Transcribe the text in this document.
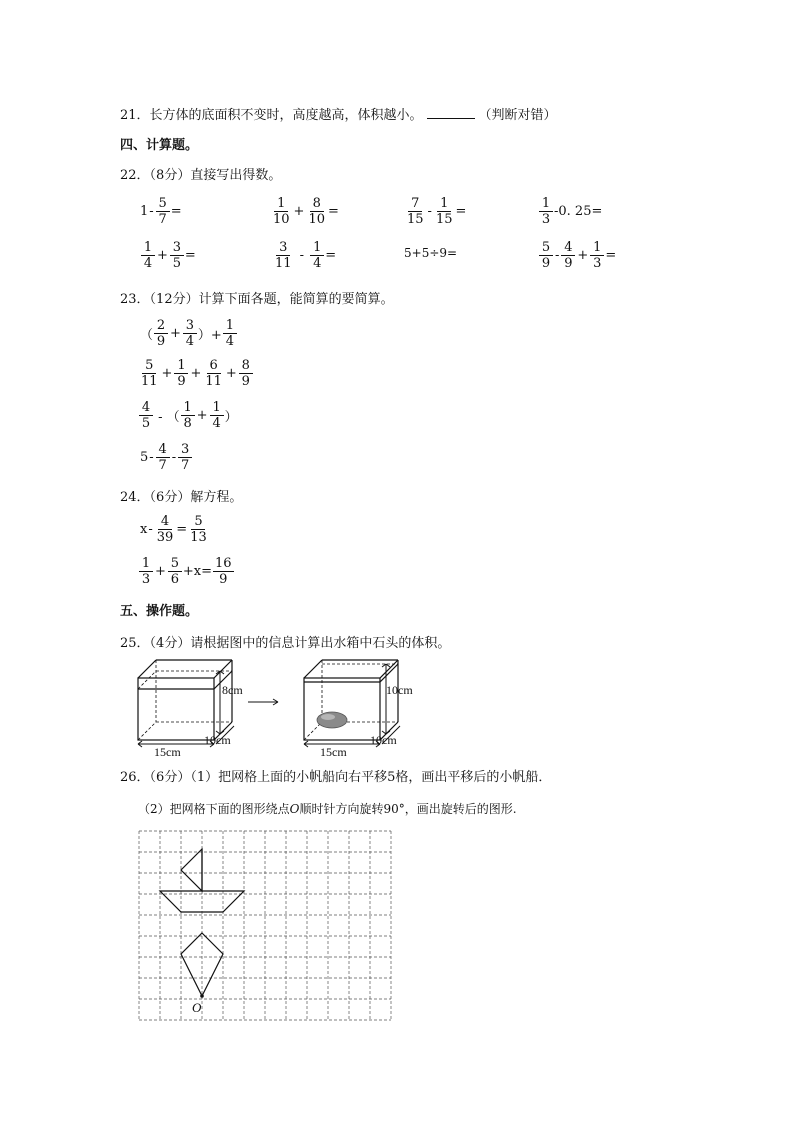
21．长方体的底面积不变时，高度越高，体积越小。	（判断对错）
四、计算题。
22．（8分）直接写出得数。
$1 - \frac{5}{7}$ =	$\frac{1}{10} + \frac{8}{10}$ =	$\frac{7}{15} - \frac{1}{15}$ =	$\frac{1}{3} -0$. 25=
$\frac{1}{4} + \frac{3}{5}$ =	$\frac{3}{11} - \frac{1}{4}$ =	5+5÷9=	$\frac{5}{9} - \frac{4}{9} + \frac{1}{3}$ =
23．（12分）计算下面各题，能简算的要简算。
（ $\frac{2}{9} + \frac{3}{4}$ ）+ $\frac{1}{4}$
$\frac{5}{11} + \frac{1}{9} + \frac{6}{11} + \frac{8}{9}$
$\frac{4}{5}$ - （ $\frac{1}{8} + \frac{1}{4}$ ）
$5 - \frac{4}{7} - \frac{3}{7}$
24．（6分）解方程。
$x - \frac{4}{39} = \frac{5}{13}$
$\frac{1}{3} + \frac{5}{6} +x= \frac{16}{9}$
五、操作题。
25．（4分）请根据图中的信息计算出水箱中石头的体积。
8cm
10cm
15cm
10cm
10cm
15cm
26．（6分）（1）把网格上面的小帆船向右平移5格，画出平移后的小帆船．
（2）把网格下面的图形绕点O顺时针方向旋转90°，画出旋转后的图形.
O
